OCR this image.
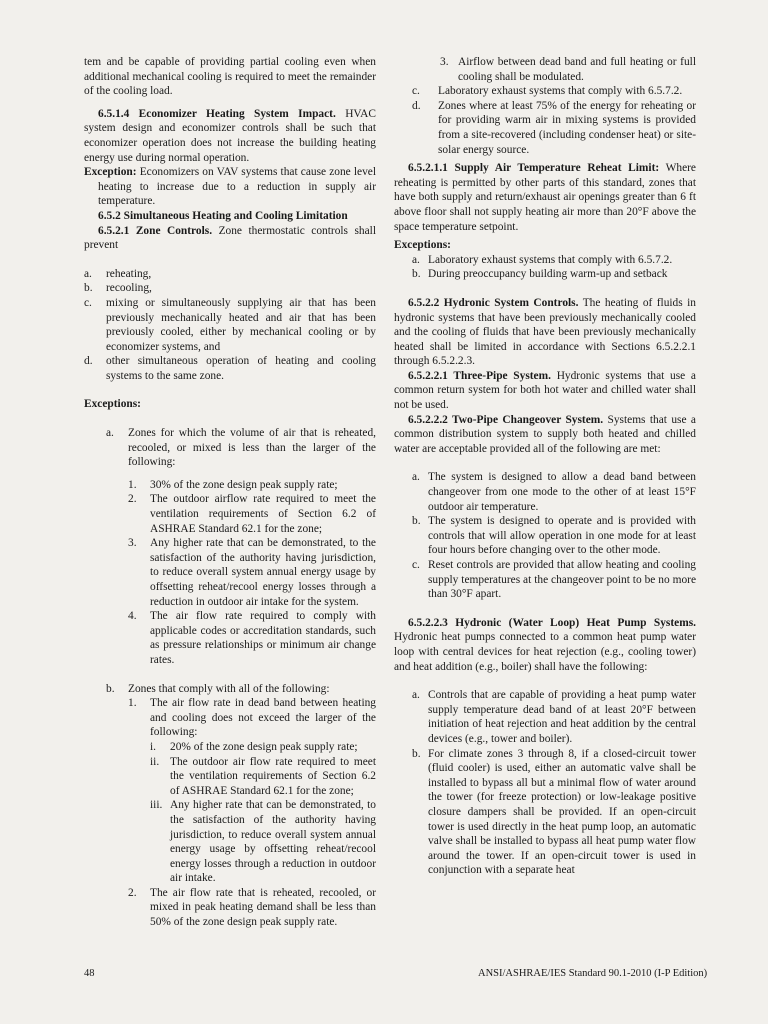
tem and be capable of providing partial cooling even when additional mechanical cooling is required to meet the remainder of the cooling load.

6.5.1.4 Economizer Heating System Impact. HVAC system design and economizer controls shall be such that economizer operation does not increase the building heating energy use during normal operation.

Exception: Economizers on VAV systems that cause zone level heating to increase due to a reduction in supply air temperature.

6.5.2 Simultaneous Heating and Cooling Limitation

6.5.2.1 Zone Controls. Zone thermostatic controls shall prevent

a.	reheating,
b.	recooling,
c.	mixing or simultaneously supplying air that has been previously mechanically heated and air that has been previously cooled, either by mechanical cooling or by economizer systems, and
d.	other simultaneous operation of heating and cooling systems to the same zone.

Exceptions:

a.	Zones for which the volume of air that is reheated, recooled, or mixed is less than the larger of the following:
1.	30% of the zone design peak supply rate;
2.	The outdoor airflow rate required to meet the ventilation requirements of Section 6.2 of ASHRAE Standard 62.1 for the zone;
3.	Any higher rate that can be demonstrated, to the satisfaction of the authority having jurisdiction, to reduce overall system annual energy usage by offsetting reheat/recool energy losses through a reduction in outdoor air intake for the system.
4.	The air flow rate required to comply with applicable codes or accreditation standards, such as pressure relationships or minimum air change rates.
b.	Zones that comply with all of the following:
1.	The air flow rate in dead band between heating and cooling does not exceed the larger of the following:
i.	20% of the zone design peak supply rate;
ii. The outdoor air flow rate required to meet the ventilation requirements of Section 6.2 of ASHRAE Standard 62.1 for the zone;
iii. Any higher rate that can be demonstrated, to the satisfaction of the authority having jurisdiction, to reduce overall system annual energy usage by offsetting reheat/recool energy losses through a reduction in outdoor air intake.
2.	The air flow rate that is reheated, recooled, or mixed in peak heating demand shall be less than 50% of the zone design peak supply rate.
3. Airflow between dead band and full heating or full cooling shall be modulated.
c.	Laboratory exhaust systems that comply with 6.5.7.2.
d.	Zones where at least 75% of the energy for reheating or for providing warm air in mixing systems is provided from a site-recovered (including condenser heat) or site-solar energy source.

6.5.2.1.1 Supply Air Temperature Reheat Limit: Where reheating is permitted by other parts of this standard, zones that have both supply and return/exhaust air openings greater than 6 ft above floor shall not supply heating air more than 20°F above the space temperature setpoint.

Exceptions:

a. Laboratory exhaust systems that comply with 6.5.7.2.
b. During preoccupancy building warm-up and setback

6.5.2.2 Hydronic System Controls. The heating of fluids in hydronic systems that have been previously mechanically cooled and the cooling of fluids that have been previously mechanically heated shall be limited in accordance with Sections 6.5.2.2.1 through 6.5.2.2.3.

6.5.2.2.1 Three-Pipe System. Hydronic systems that use a common return system for both hot water and chilled water shall not be used.

6.5.2.2.2 Two-Pipe Changeover System. Systems that use a common distribution system to supply both heated and chilled water are acceptable provided all of the following are met:

a. The system is designed to allow a dead band between changeover from one mode to the other of at least 15°F outdoor air temperature.
b. The system is designed to operate and is provided with controls that will allow operation in one mode for at least four hours before changing over to the other mode.
c. Reset controls are provided that allow heating and cooling supply temperatures at the changeover point to be no more than 30°F apart.

6.5.2.2.3 Hydronic (Water Loop) Heat Pump Systems. Hydronic heat pumps connected to a common heat pump water loop with central devices for heat rejection (e.g., cooling tower) and heat addition (e.g., boiler) shall have the following:

a. Controls that are capable of providing a heat pump water supply temperature dead band of at least 20°F between initiation of heat rejection and heat addition by the central devices (e.g., tower and boiler).
b. For climate zones 3 through 8, if a closed-circuit tower (fluid cooler) is used, either an automatic valve shall be installed to bypass all but a minimal flow of water around the tower (for freeze protection) or low-leakage positive closure dampers shall be provided. If an open-circuit tower is used directly in the heat pump loop, an automatic valve shall be installed to bypass all heat pump water flow around the tower. If an open-circuit tower is used in conjunction with a separate heat
48	ANSI/ASHRAE/IES Standard 90.1-2010 (I-P Edition)
